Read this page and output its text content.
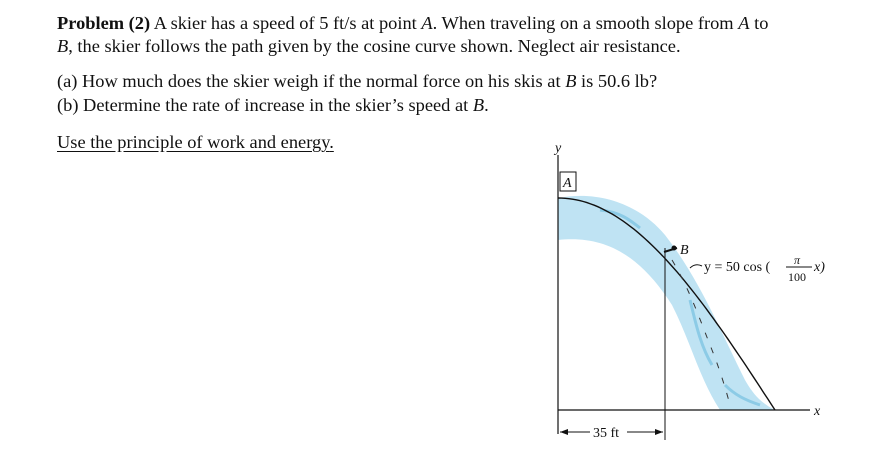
Problem (2) A skier has a speed of 5 ft/s at point A. When traveling on a smooth slope from A to
B, the skier follows the path given by the cosine curve shown. Neglect air resistance.
(a) How much does the skier weigh if the normal force on his skis at B is 50.6 lb?
(b) Determine the rate of increase in the skier’s speed at B.
Use the principle of work and energy.
A
y
x
B
y = 50 cos ( π
100
x)
35 ft
